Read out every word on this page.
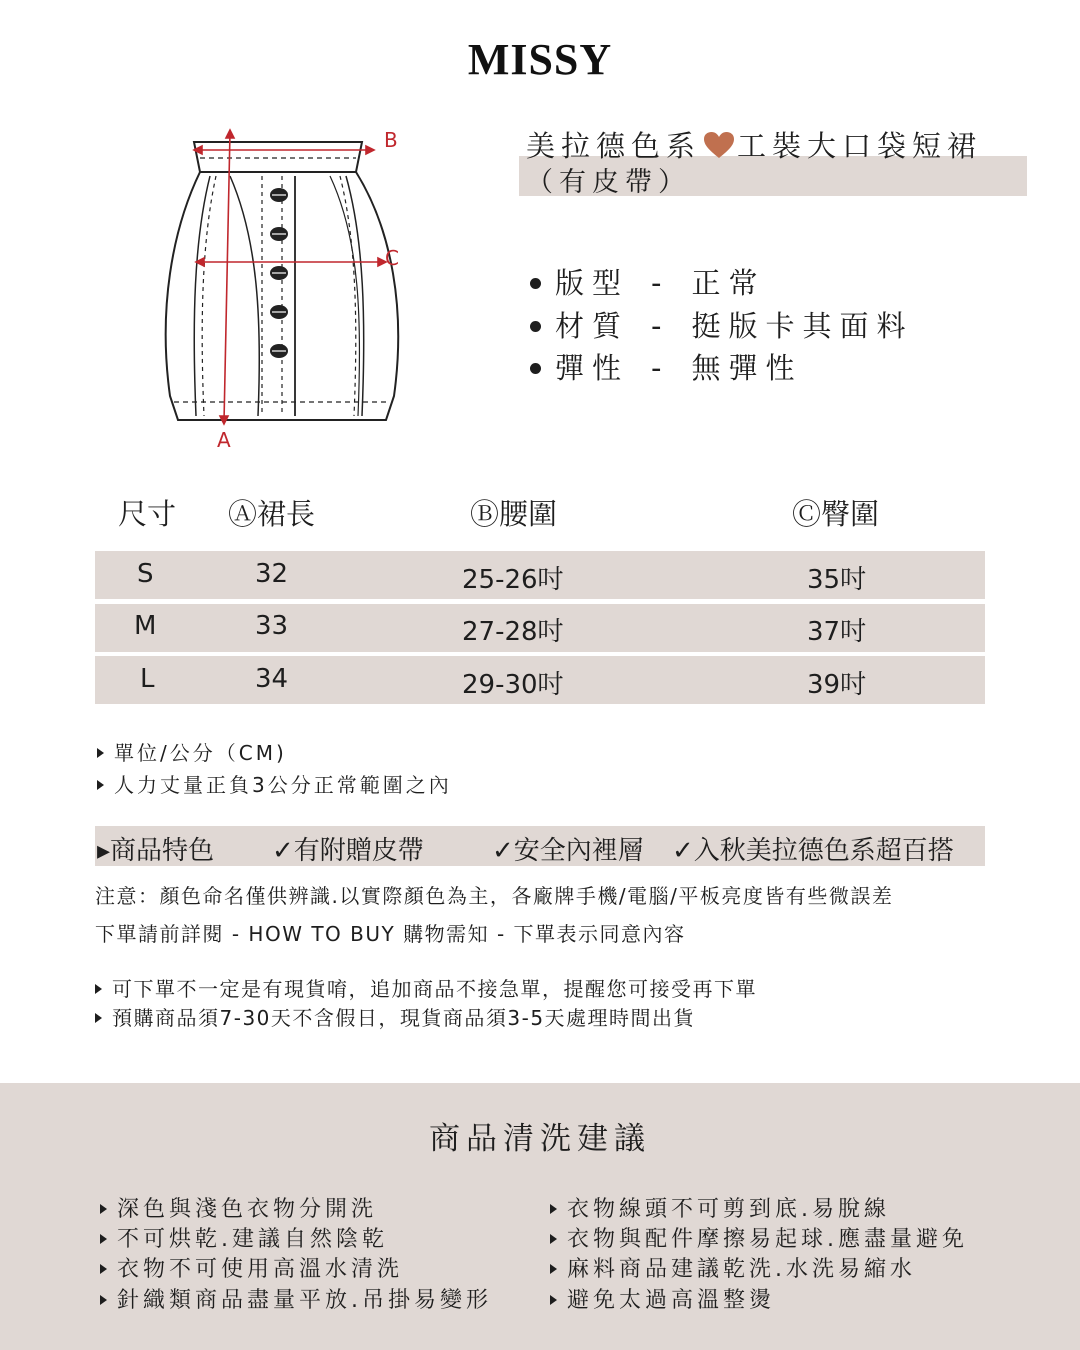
MISSY
A
B
C
美拉德色系 工裝大口袋短裙
（有皮帶）
版型 - 正常
材質 - 挺版卡其面料
彈性 - 無彈性
尺寸 Ⓐ裙長	Ⓑ腰圍	Ⓒ臀圍
S	32	25-26吋	35吋
M	33	27-28吋	37吋
L	34	29-30吋	39吋
單位/公分（CM)
人力丈量正負3公分正常範圍之內
▸商品特色 ✓有附贈皮帶	✓安全內裡層 ✓入秋美拉德色系超百搭
注意：顏色命名僅供辨識.以實際顏色為主，各廠牌手機/電腦/平板亮度皆有些微誤差
下單請前詳閱 - HOW TO BUY 購物需知 - 下單表示同意內容
可下單不一定是有現貨唷，追加商品不接急單，提醒您可接受再下單
預購商品須7-30天不含假日，現貨商品須3-5天處理時間出貨
商品清洗建議
深色與淺色衣物分開洗
不可烘乾.建議自然陰乾
衣物不可使用高溫水清洗
針織類商品盡量平放.吊掛易變形
衣物線頭不可剪到底.易脫線
衣物與配件摩擦易起球.應盡量避免
麻料商品建議乾洗.水洗易縮水
避免太過高溫整燙
